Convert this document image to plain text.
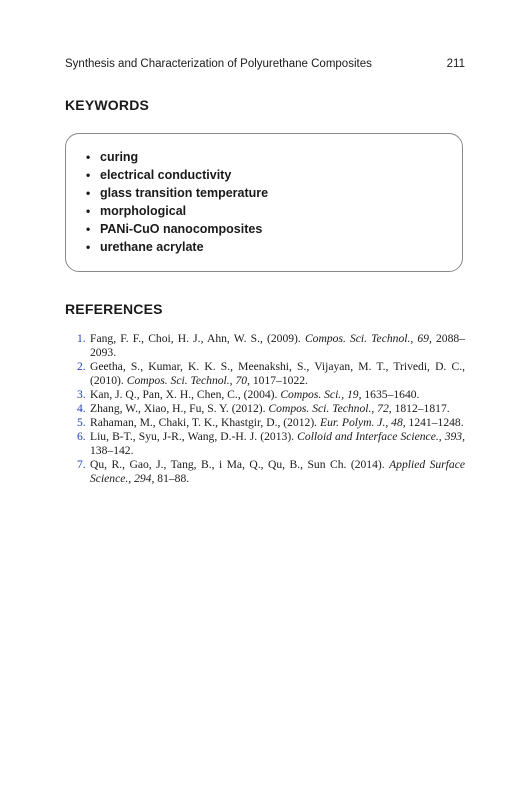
Synthesis and Characterization of Polyurethane Composites	211
KEYWORDS
• curing
• electrical conductivity
• glass transition temperature
• morphological
• PANi-CuO nanocomposites
• urethane acrylate
REFERENCES
1. Fang, F. F., Choi, H. J., Ahn, W. S., (2009). Compos. Sci. Technol., 69, 2088–2093.
2. Geetha, S., Kumar, K. K. S., Meenakshi, S., Vijayan, M. T., Trivedi, D. C., (2010). Compos. Sci. Technol., 70, 1017–1022.
3. Kan, J. Q., Pan, X. H., Chen, C., (2004). Compos. Sci., 19, 1635–1640.
4. Zhang, W., Xiao, H., Fu, S. Y. (2012). Compos. Sci. Technol., 72, 1812–1817.
5. Rahaman, M., Chaki, T. K., Khastgir, D., (2012). Eur. Polym. J., 48, 1241–1248.
6. Liu, B-T., Syu, J-R., Wang, D.-H. J. (2013). Colloid and Interface Science., 393, 138–142.
7. Qu, R., Gao, J., Tang, B., i Ma, Q., Qu, B., Sun Ch. (2014). Applied Surface Science., 294, 81–88.
